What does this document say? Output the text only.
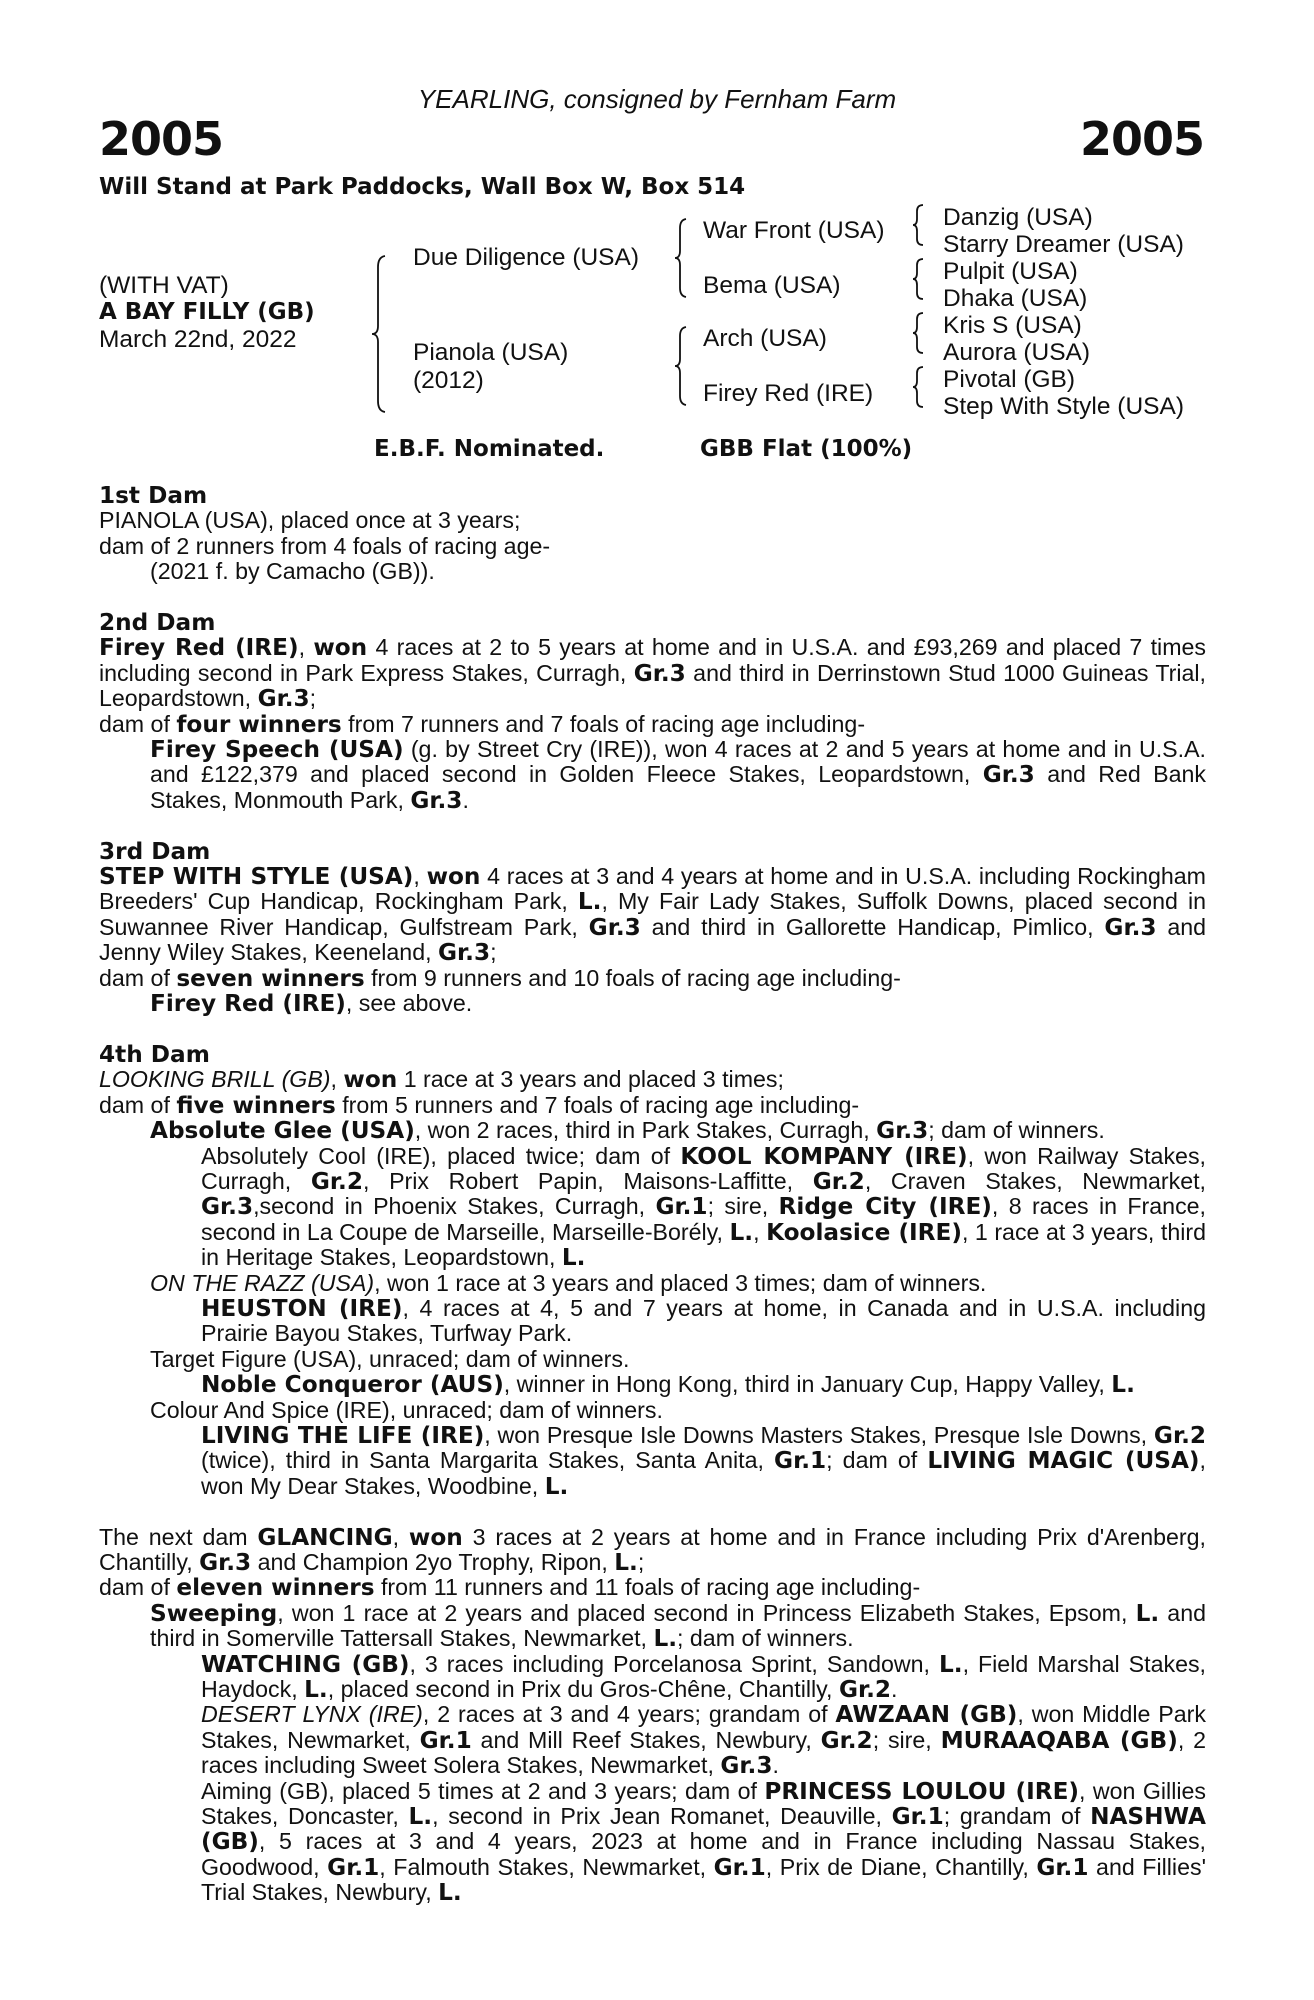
YEARLING, consigned by Fernham Farm
2005	2005
Will Stand at Park Paddocks, Wall Box W, Box 514
(WITH VAT)
A BAY FILLY (GB)
March 22nd, 2022
Due Diligence (USA)
Pianola (USA)
(2012)
War Front (USA)
Bema (USA)
Arch (USA)
Firey Red (IRE)
Danzig (USA)
Starry Dreamer (USA)
Pulpit (USA)
Dhaka (USA)
Kris S (USA)
Aurora (USA)
Pivotal (GB)
Step With Style (USA)
E.B.F. Nominated.	GBB Flat (100%)
1st Dam
PIANOLA (USA), placed once at 3 years;
dam of 2 runners from 4 foals of racing age-
(2021 f. by Camacho (GB)).
2nd Dam
Firey Red (IRE), won 4 races at 2 to 5 years at home and in U.S.A. and £93,269 and placed 7 times including second in Park Express Stakes, Curragh, Gr.3 and third in Derrinstown Stud 1000 Guineas Trial, Leopardstown, Gr.3;
dam of four winners from 7 runners and 7 foals of racing age including-
Firey Speech (USA) (g. by Street Cry (IRE)), won 4 races at 2 and 5 years at home and in U.S.A. and £122,379 and placed second in Golden Fleece Stakes, Leopardstown, Gr.3 and Red Bank Stakes, Monmouth Park, Gr.3.
3rd Dam
STEP WITH STYLE (USA), won 4 races at 3 and 4 years at home and in U.S.A. including Rockingham Breeders' Cup Handicap, Rockingham Park, L., My Fair Lady Stakes, Suffolk Downs, placed second in Suwannee River Handicap, Gulfstream Park, Gr.3 and third in Gallorette Handicap, Pimlico, Gr.3 and Jenny Wiley Stakes, Keeneland, Gr.3;
dam of seven winners from 9 runners and 10 foals of racing age including-
Firey Red (IRE), see above.
4th Dam
LOOKING BRILL (GB), won 1 race at 3 years and placed 3 times;
dam of five winners from 5 runners and 7 foals of racing age including-
Absolute Glee (USA), won 2 races, third in Park Stakes, Curragh, Gr.3; dam of winners.
Absolutely Cool (IRE), placed twice; dam of KOOL KOMPANY (IRE), won Railway Stakes, Curragh, Gr.2, Prix Robert Papin, Maisons-Laffitte, Gr.2, Craven Stakes, Newmarket, Gr.3,second in Phoenix Stakes, Curragh, Gr.1; sire, Ridge City (IRE), 8 races in France, second in La Coupe de Marseille, Marseille-Borély, L., Koolasice (IRE), 1 race at 3 years, third in Heritage Stakes, Leopardstown, L.
ON THE RAZZ (USA), won 1 race at 3 years and placed 3 times; dam of winners.
HEUSTON (IRE), 4 races at 4, 5 and 7 years at home, in Canada and in U.S.A. including Prairie Bayou Stakes, Turfway Park.
Target Figure (USA), unraced; dam of winners.
Noble Conqueror (AUS), winner in Hong Kong, third in January Cup, Happy Valley, L.
Colour And Spice (IRE), unraced; dam of winners.
LIVING THE LIFE (IRE), won Presque Isle Downs Masters Stakes, Presque Isle Downs, Gr.2 (twice), third in Santa Margarita Stakes, Santa Anita, Gr.1; dam of LIVING MAGIC (USA), won My Dear Stakes, Woodbine, L.
The next dam GLANCING, won 3 races at 2 years at home and in France including Prix d'Arenberg, Chantilly, Gr.3 and Champion 2yo Trophy, Ripon, L.;
dam of eleven winners from 11 runners and 11 foals of racing age including-
Sweeping, won 1 race at 2 years and placed second in Princess Elizabeth Stakes, Epsom, L. and third in Somerville Tattersall Stakes, Newmarket, L.; dam of winners.
WATCHING (GB), 3 races including Porcelanosa Sprint, Sandown, L., Field Marshal Stakes, Haydock, L., placed second in Prix du Gros-Chêne, Chantilly, Gr.2.
DESERT LYNX (IRE), 2 races at 3 and 4 years; grandam of AWZAAN (GB), won Middle Park Stakes, Newmarket, Gr.1 and Mill Reef Stakes, Newbury, Gr.2; sire, MURAAQABA (GB), 2 races including Sweet Solera Stakes, Newmarket, Gr.3.
Aiming (GB), placed 5 times at 2 and 3 years; dam of PRINCESS LOULOU (IRE), won Gillies Stakes, Doncaster, L., second in Prix Jean Romanet, Deauville, Gr.1; grandam of NASHWA (GB), 5 races at 3 and 4 years, 2023 at home and in France including Nassau Stakes, Goodwood, Gr.1, Falmouth Stakes, Newmarket, Gr.1, Prix de Diane, Chantilly, Gr.1 and Fillies' Trial Stakes, Newbury, L.
